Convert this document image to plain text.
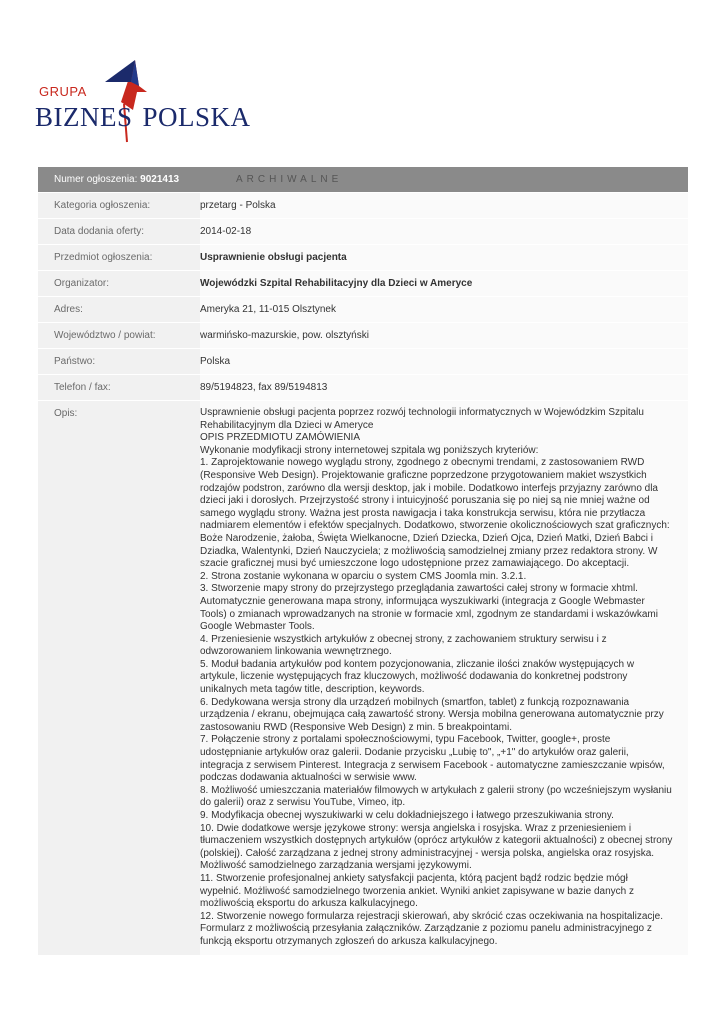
GRUPA
BIZNES POLSKA
Numer ogłoszenia: 9021413	ARCHIWALNE
Kategoria ogłoszenia:	przetarg - Polska
Data dodania oferty:	2014-02-18
Przedmiot ogłoszenia:	Usprawnienie obsługi pacjenta
Organizator:	Wojewódzki Szpital Rehabilitacyjny dla Dzieci w Ameryce
Adres:	Ameryka 21, 11-015 Olsztynek
Województwo / powiat:	warmińsko-mazurskie, pow. olsztyński
Państwo:	Polska
Telefon / fax:	89/5194823, fax 89/5194813
Opis:	Usprawnienie obsługi pacjenta poprzez rozwój technologii informatycznych w Wojewódzkim Szpitalu

Rehabilitacyjnym dla Dzieci w Ameryce

OPIS PRZEDMIOTU ZAMÓWIENIA

Wykonanie modyfikacji strony internetowej szpitala wg poniższych kryteriów:

1. Zaprojektowanie nowego wyglądu strony, zgodnego z obecnymi trendami, z zastosowaniem RWD

(Responsive Web Design). Projektowanie graficzne poprzedzone przygotowaniem makiet wszystkich

rodzajów podstron, zarówno dla wersji desktop, jak i mobile. Dodatkowo interfejs przyjazny zarówno dla

dzieci jaki i dorosłych. Przejrzystość strony i intuicyjność poruszania się po niej są nie mniej ważne od

samego wyglądu strony. Ważna jest prosta nawigacja i taka konstrukcja serwisu, która nie przytłacza

nadmiarem elementów i efektów specjalnych. Dodatkowo, stworzenie okolicznościowych szat graficznych:

Boże Narodzenie, żałoba, Święta Wielkanocne, Dzień Dziecka, Dzień Ojca, Dzień Matki, Dzień Babci i

Dziadka, Walentynki, Dzień Nauczyciela; z możliwością samodzielnej zmiany przez redaktora strony. W

szacie graficznej musi być umieszczone logo udostępnione przez zamawiającego. Do akceptacji.

2. Strona zostanie wykonana w oparciu o system CMS Joomla min. 3.2.1.

3. Stworzenie mapy strony do przejrzystego przeglądania zawartości całej strony w formacie xhtml.

Automatycznie generowana mapa strony, informująca wyszukiwarki (integracja z Google Webmaster

Tools) o zmianach wprowadzanych na stronie w formacie xml, zgodnym ze standardami i wskazówkami

Google Webmaster Tools.

4. Przeniesienie wszystkich artykułów z obecnej strony, z zachowaniem struktury serwisu i z

odwzorowaniem linkowania wewnętrznego.

5. Moduł badania artykułów pod kontem pozycjonowania, zliczanie ilości znaków występujących w

artykule, liczenie występujących fraz kluczowych, możliwość dodawania do konkretnej podstrony

unikalnych meta tagów title, description, keywords.

6. Dedykowana wersja strony dla urządzeń mobilnych (smartfon, tablet) z funkcją rozpoznawania

urządzenia / ekranu, obejmująca całą zawartość strony. Wersja mobilna generowana automatycznie przy

zastosowaniu RWD (Responsive Web Design) z min. 5 breakpointami.

7. Połączenie strony z portalami społecznościowymi, typu Facebook, Twitter, google+, proste

udostępnianie artykułów oraz galerii. Dodanie przycisku „Lubię to", „+1" do artykułów oraz galerii,

integracja z serwisem Pinterest. Integracja z serwisem Facebook - automatyczne zamieszczanie wpisów,

podczas dodawania aktualności w serwisie www.

8. Możliwość umieszczania materiałów filmowych w artykułach z galerii strony (po wcześniejszym wysłaniu

do galerii) oraz z serwisu YouTube, Vimeo, itp.

9. Modyfikacja obecnej wyszukiwarki w celu dokładniejszego i łatwego przeszukiwania strony.

10. Dwie dodatkowe wersje językowe strony: wersja angielska i rosyjska. Wraz z przeniesieniem i

tłumaczeniem wszystkich dostępnych artykułów (oprócz artykułów z kategorii aktualności) z obecnej strony

(polskiej). Całość zarządzana z jednej strony administracyjnej - wersja polska, angielska oraz rosyjska.

Możliwość samodzielnego zarządzania wersjami językowymi.

11. Stworzenie profesjonalnej ankiety satysfakcji pacjenta, którą pacjent bądź rodzic będzie mógł

wypełnić. Możliwość samodzielnego tworzenia ankiet. Wyniki ankiet zapisywane w bazie danych z

możliwością eksportu do arkusza kalkulacyjnego.

12. Stworzenie nowego formularza rejestracji skierowań, aby skrócić czas oczekiwania na hospitalizacje.

Formularz z możliwością przesyłania załączników. Zarządzanie z poziomu panelu administracyjnego z

funkcją eksportu otrzymanych zgłoszeń do arkusza kalkulacyjnego.
